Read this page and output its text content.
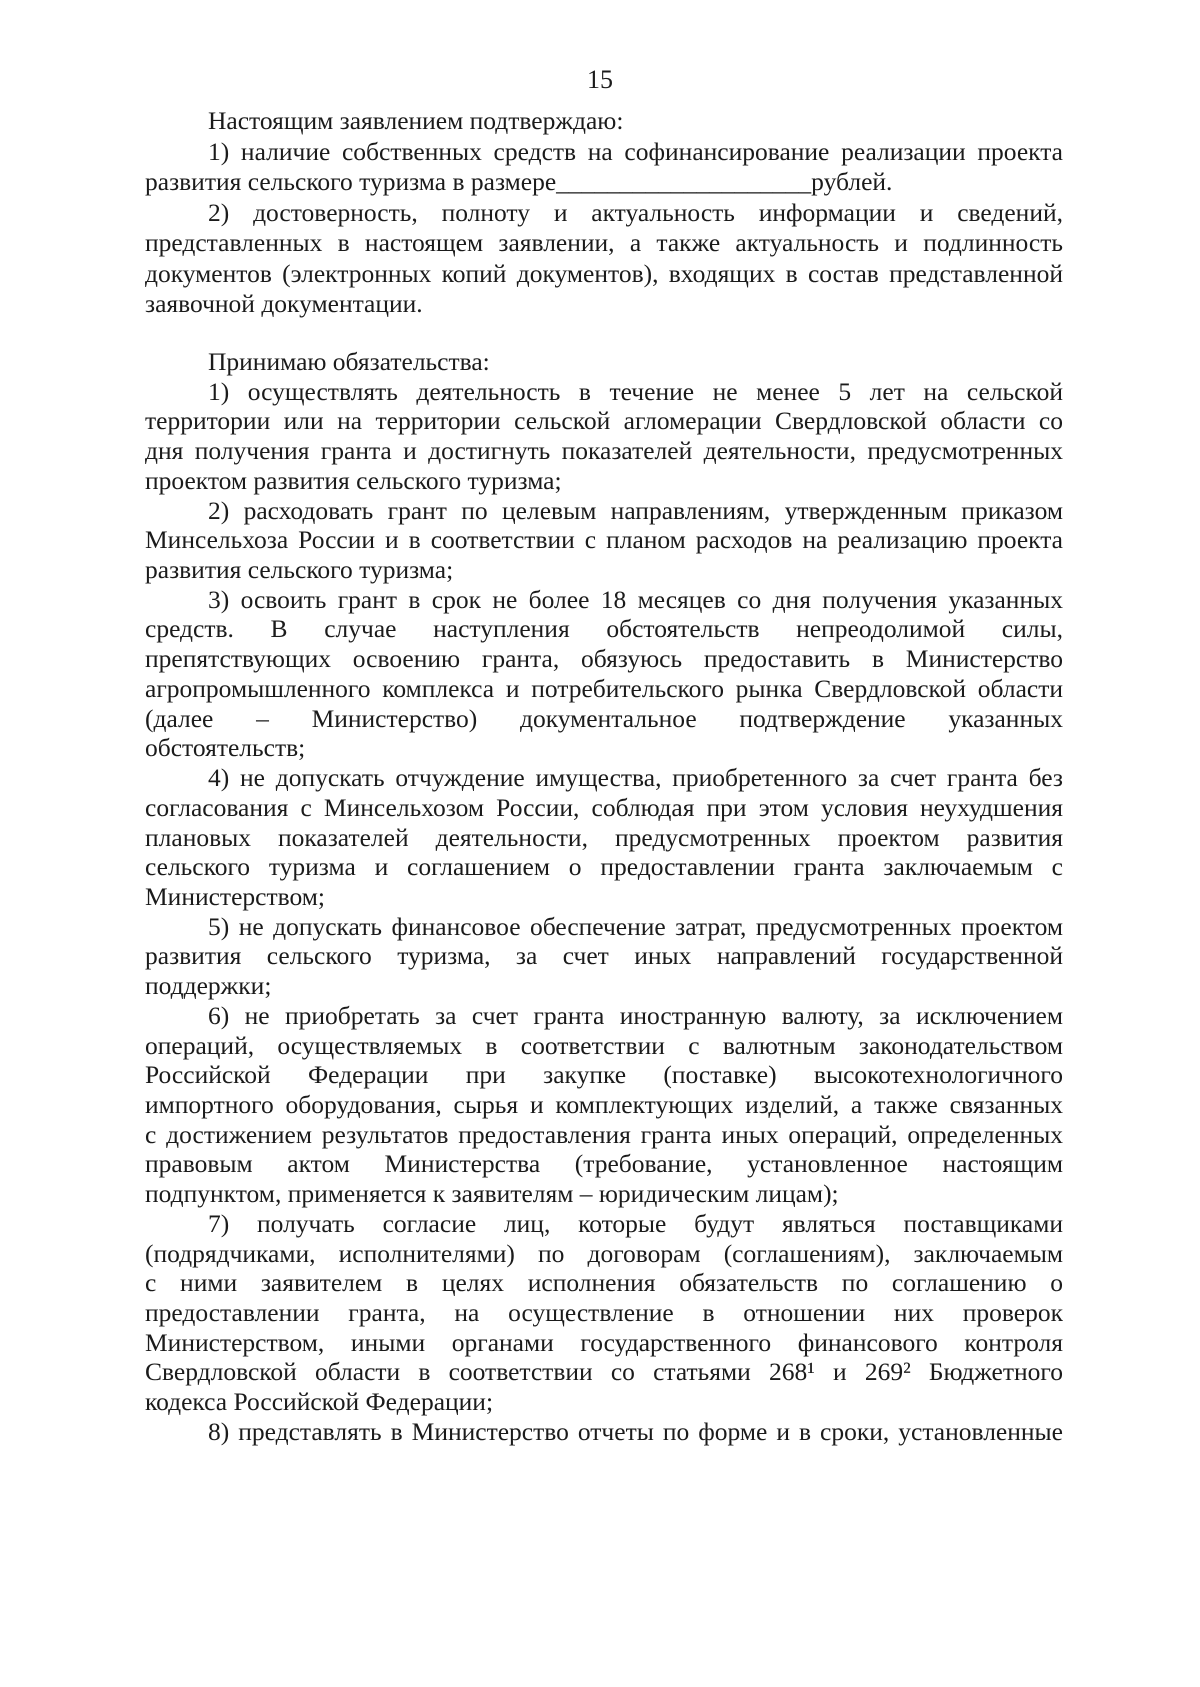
15
Настоящим заявлением подтверждаю:
1) наличие собственных средств на софинансирование реализации проекта
развития сельского туризма в размере____________________рублей.
2) достоверность, полноту и актуальность информации и сведений,
представленных в настоящем заявлении, а также актуальность и подлинность
документов (электронных копий документов), входящих в состав представленной
заявочной документации.
Принимаю обязательства:
1) осуществлять деятельность в течение не менее 5 лет на сельской
территории или на территории сельской агломерации Свердловской области со
дня получения гранта и достигнуть показателей деятельности, предусмотренных
проектом развития сельского туризма;
2) расходовать грант по целевым направлениям, утвержденным приказом
Минсельхоза России и в соответствии с планом расходов на реализацию проекта
развития сельского туризма;
3) освоить грант в срок не более 18 месяцев со дня получения указанных
средств. В случае наступления обстоятельств непреодолимой силы,
препятствующих освоению гранта, обязуюсь предоставить в Министерство
агропромышленного комплекса и потребительского рынка Свердловской области
(далее – Министерство) документальное подтверждение указанных
обстоятельств;
4) не допускать отчуждение имущества, приобретенного за счет гранта без
согласования с Минсельхозом России, соблюдая при этом условия неухудшения
плановых показателей деятельности, предусмотренных проектом развития
сельского туризма и соглашением о предоставлении гранта заключаемым с
Министерством;
5) не допускать финансовое обеспечение затрат, предусмотренных проектом
развития сельского туризма, за счет иных направлений государственной
поддержки;
6) не приобретать за счет гранта иностранную валюту, за исключением
операций, осуществляемых в соответствии с валютным законодательством
Российской Федерации при закупке (поставке) высокотехнологичного
импортного оборудования, сырья и комплектующих изделий, а также связанных
с достижением результатов предоставления гранта иных операций, определенных
правовым актом Министерства (требование, установленное настоящим
подпунктом, применяется к заявителям – юридическим лицам);
7) получать согласие лиц, которые будут являться поставщиками
(подрядчиками, исполнителями) по договорам (соглашениям), заключаемым
с ними заявителем в целях исполнения обязательств по соглашению о
предоставлении гранта, на осуществление в отношении них проверок
Министерством, иными органами государственного финансового контроля
Свердловской области в соответствии со статьями 268¹ и 269² Бюджетного
кодекса Российской Федерации;
8) представлять в Министерство отчеты по форме и в сроки, установленные
